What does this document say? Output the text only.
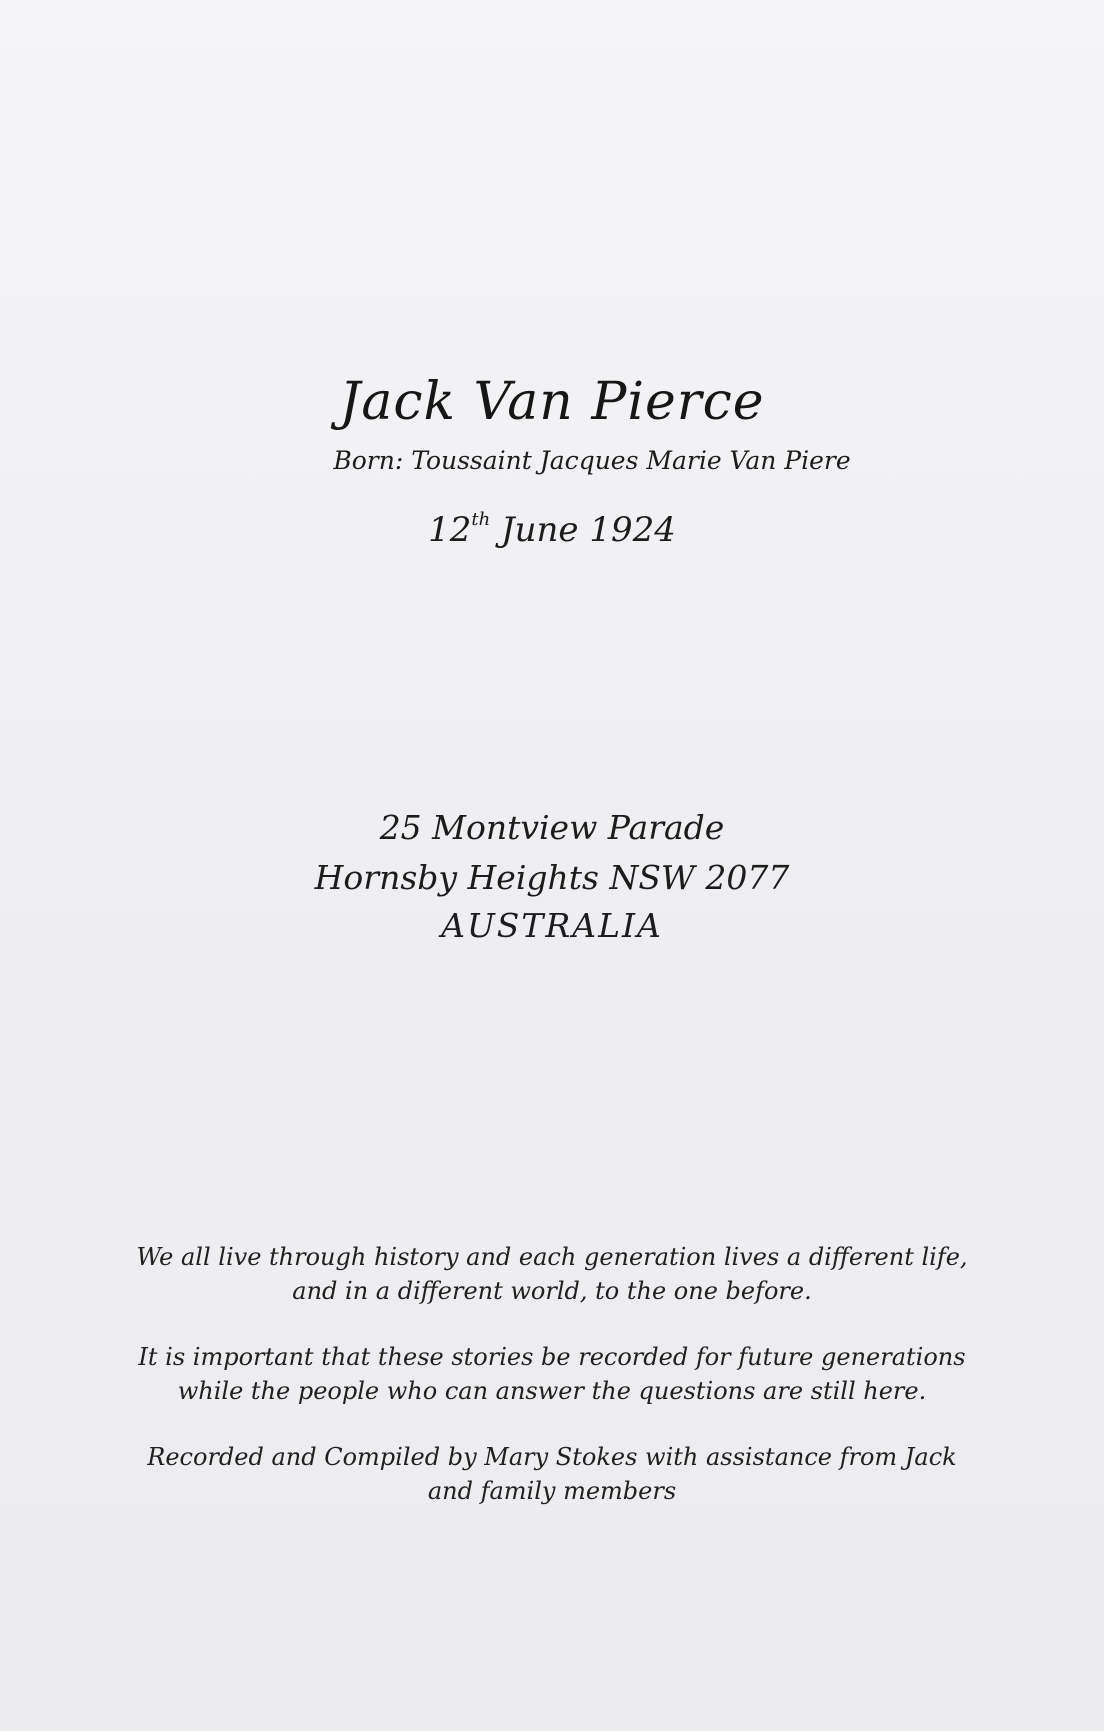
Jack Van Pierce
Born: Toussaint Jacques Marie Van Piere
12th June 1924
25 Montview Parade
Hornsby Heights NSW 2077
AUSTRALIA
We all live through history and each generation lives a different life,
and in a different world, to the one before.
It is important that these stories be recorded for future generations
while the people who can answer the questions are still here.
Recorded and Compiled by Mary Stokes with assistance from Jack
and family members
